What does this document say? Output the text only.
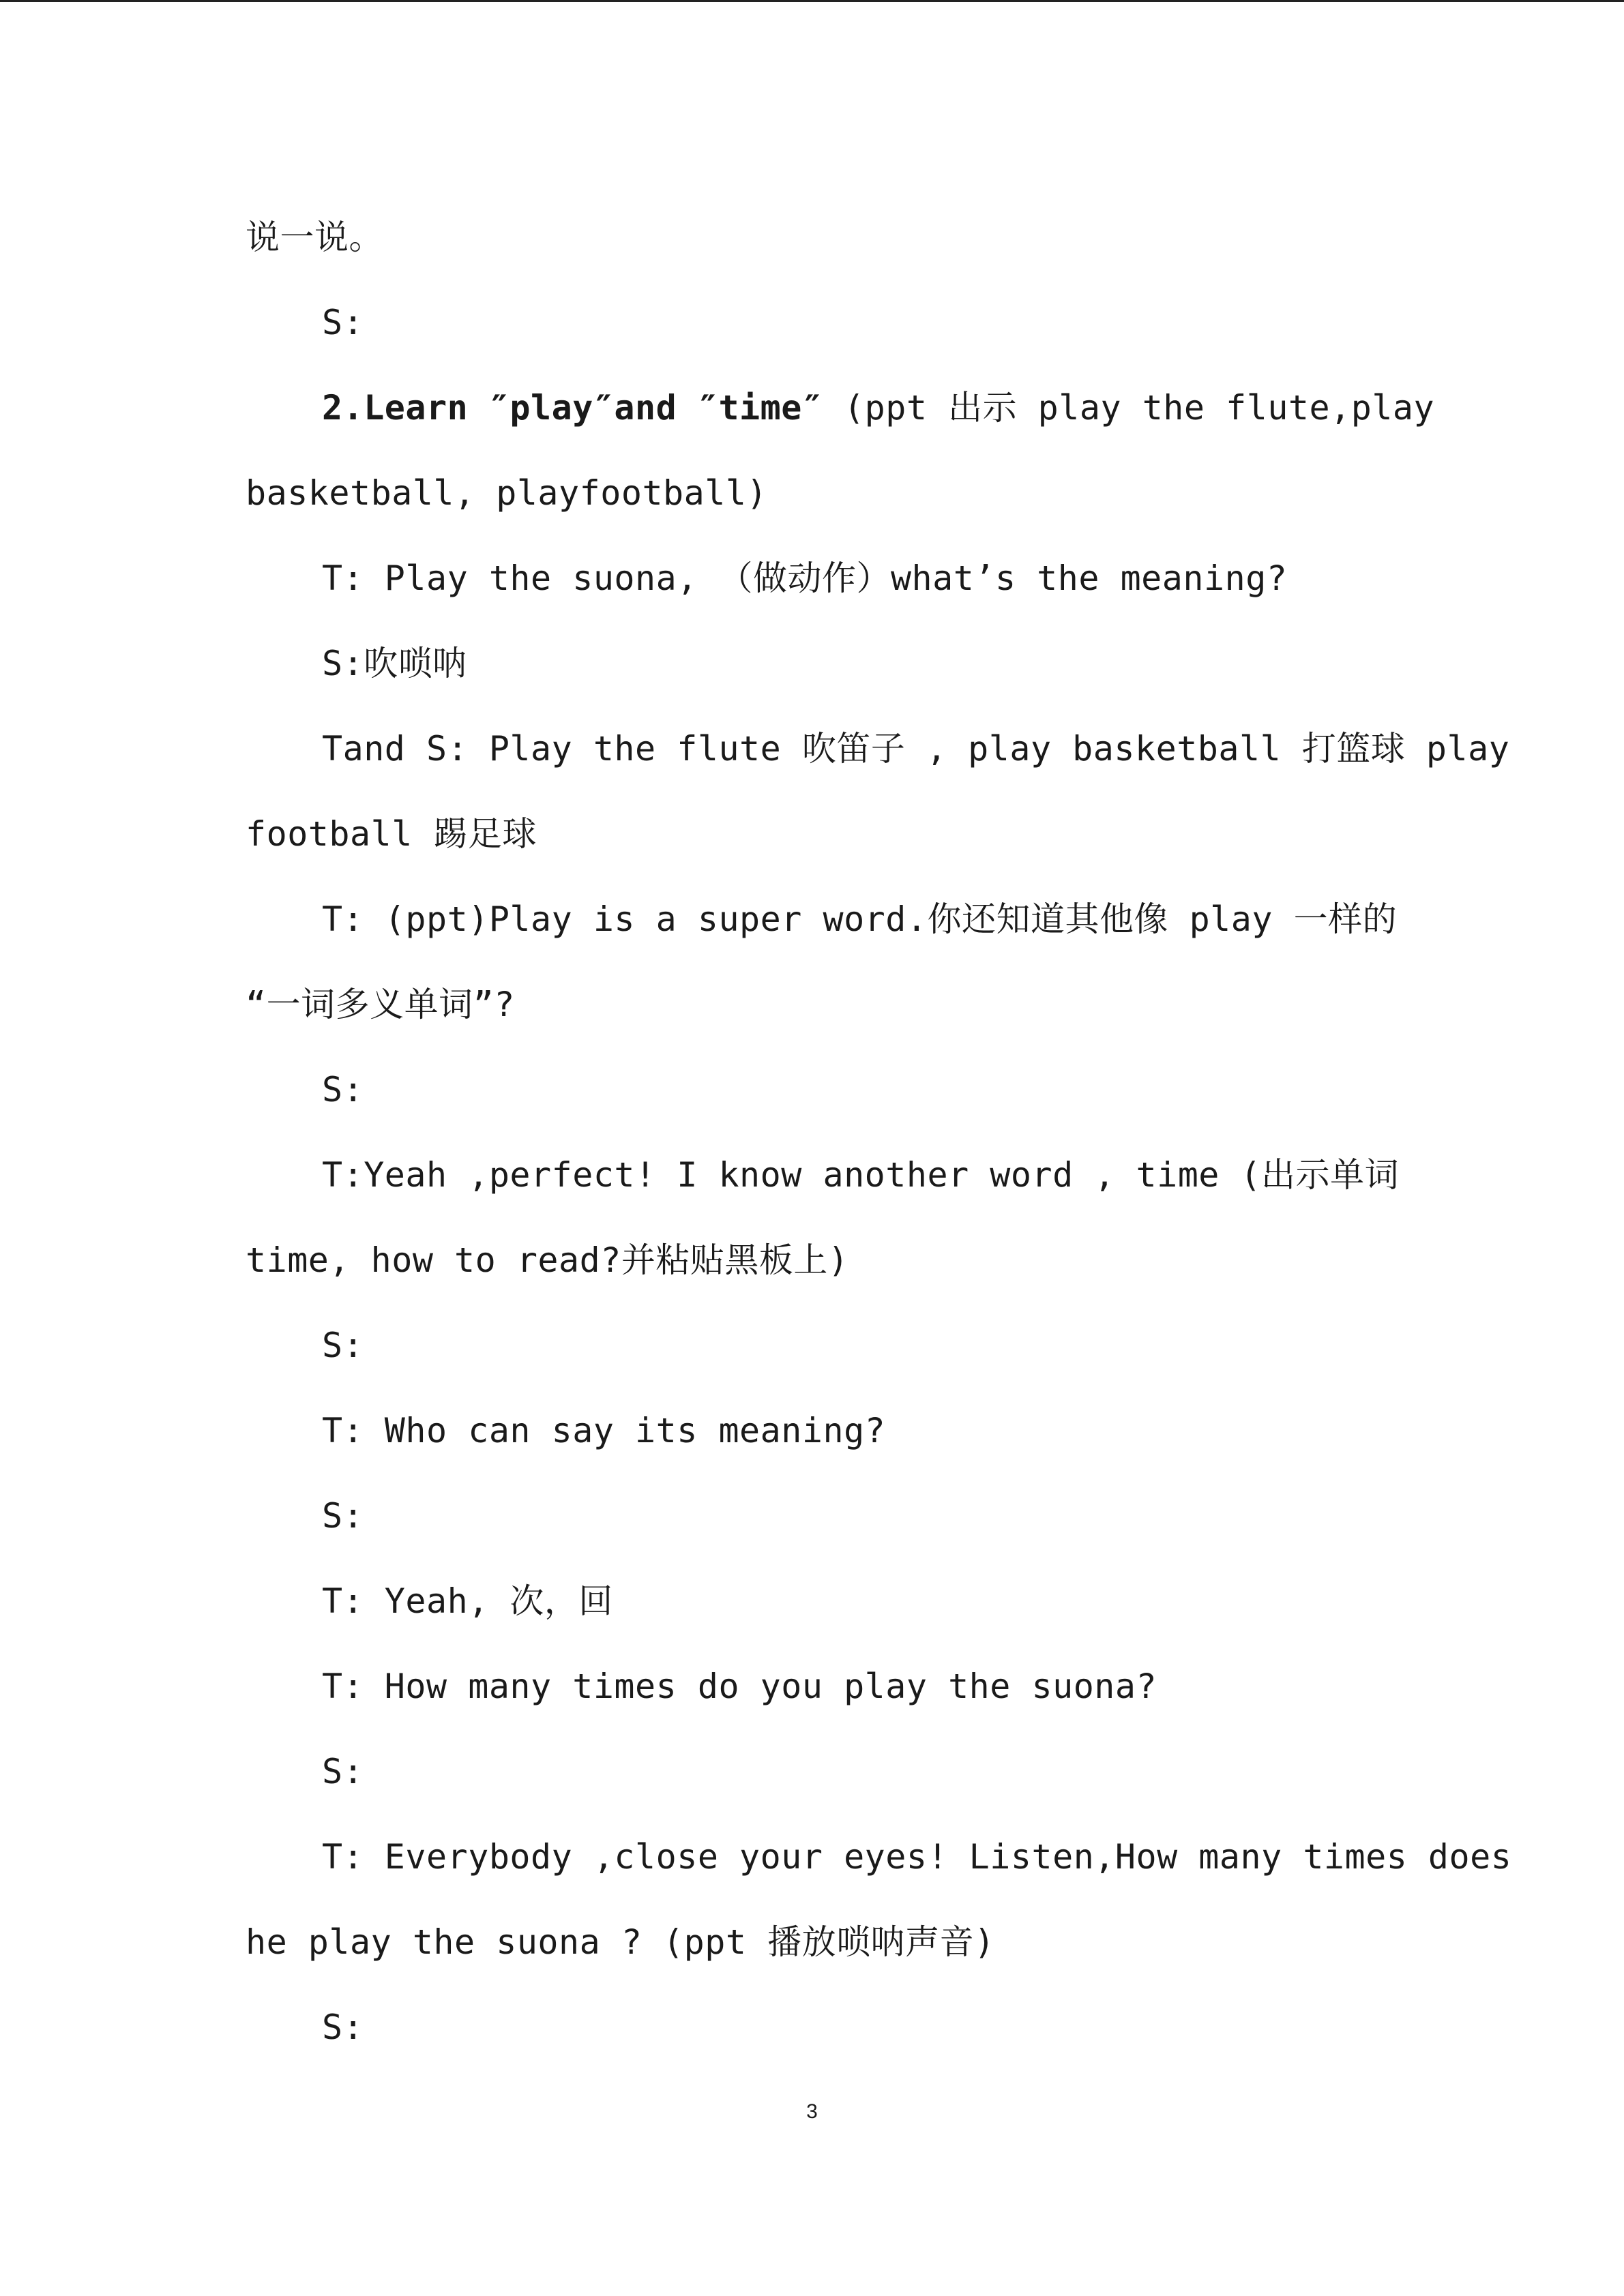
说一说。
S:
2.Learn ″play″and ″time″ (ppt 出示 play the flute,play
basketball, playfootball)
T: Play the suona, （做动作）what’s the meaning?
S:吹唢呐
Tand S: Play the flute 吹笛子 , play basketball 打篮球 play
football 踢足球
T: (ppt)Play is a super word.你还知道其他像 play 一样的
“一词多义单词”?
S:
T:Yeah ,perfect! I know another word , time (出示单词
time, how to read?并粘贴黑板上)
S:
T: Who can say its meaning?
S:
T: Yeah, 次，回
T: How many times do you play the suona?
S:
T: Everybody ,close your eyes! Listen,How many times does
he play the suona ? (ppt 播放唢呐声音)
S:
3
